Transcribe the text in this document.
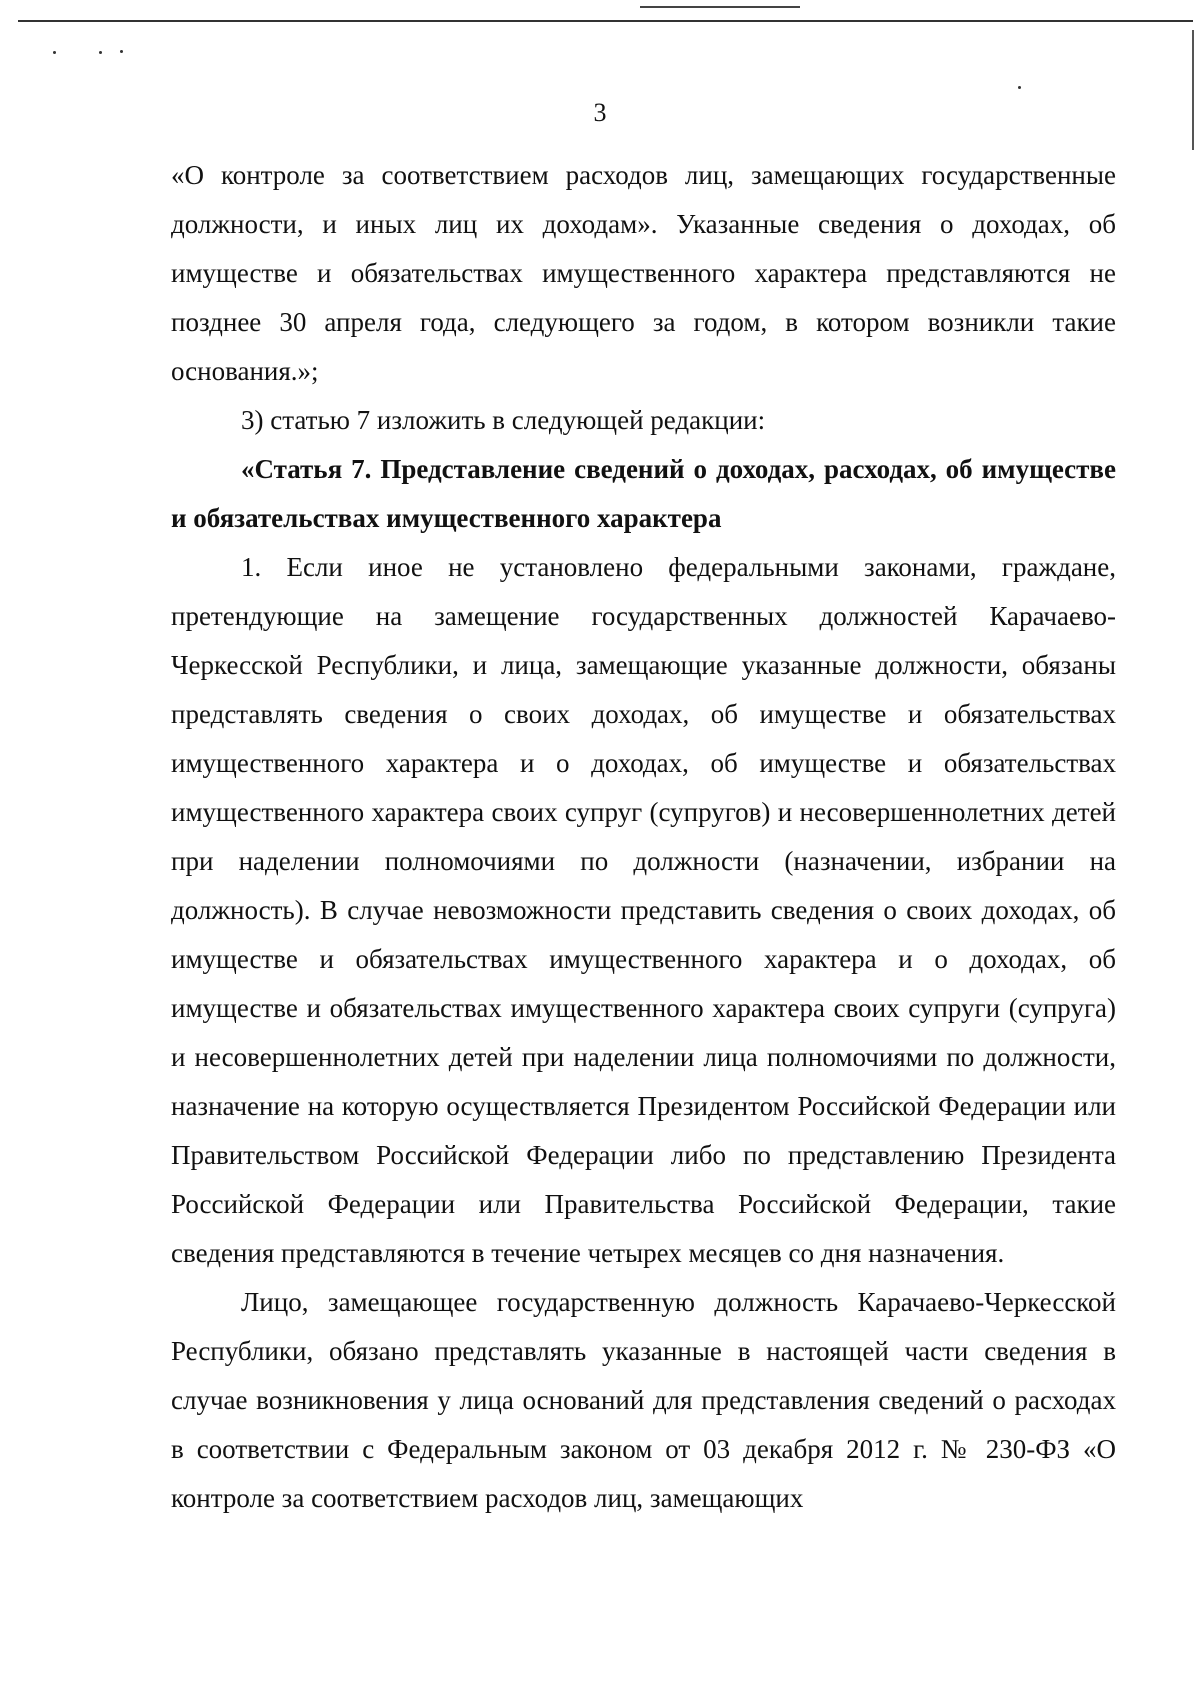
3

«О контроле за соответствием расходов лиц, замещающих государственные должности, и иных лиц их доходам». Указанные сведения о доходах, об имуществе и обязательствах имущественного характера представляются не позднее 30 апреля года, следующего за годом, в котором возникли такие основания.»;

3) статью 7 изложить в следующей редакции:

«Статья 7. Представление сведений о доходах, расходах, об имуществе и обязательствах имущественного характера

1. Если иное не установлено федеральными законами, граждане, претендующие на замещение государственных должностей Карачаево-Черкесской Республики, и лица, замещающие указанные должности, обязаны представлять сведения о своих доходах, об имуществе и обязательствах имущественного характера и о доходах, об имуществе и обязательствах имущественного характера своих супруг (супругов) и несовершеннолетних детей при наделении полномочиями по должности (назначении, избрании на должность). В случае невозможности представить сведения о своих доходах, об имуществе и обязательствах имущественного характера и о доходах, об имуществе и обязательствах имущественного характера своих супруги (супруга) и несовершеннолетних детей при наделении лица полномочиями по должности, назначение на которую осуществляется Президентом Российской Федерации или Правительством Российской Федерации либо по представлению Президента Российской Федерации или Правительства Российской Федерации, такие сведения представляются в течение четырех месяцев со дня назначения.

Лицо, замещающее государственную должность Карачаево-Черкесской Республики, обязано представлять указанные в настоящей части сведения в случае возникновения у лица оснований для представления сведений о расходах в соответствии с Федеральным законом от 03 декабря 2012 г. № 230-ФЗ «О контроле за соответствием расходов лиц, замещающих
